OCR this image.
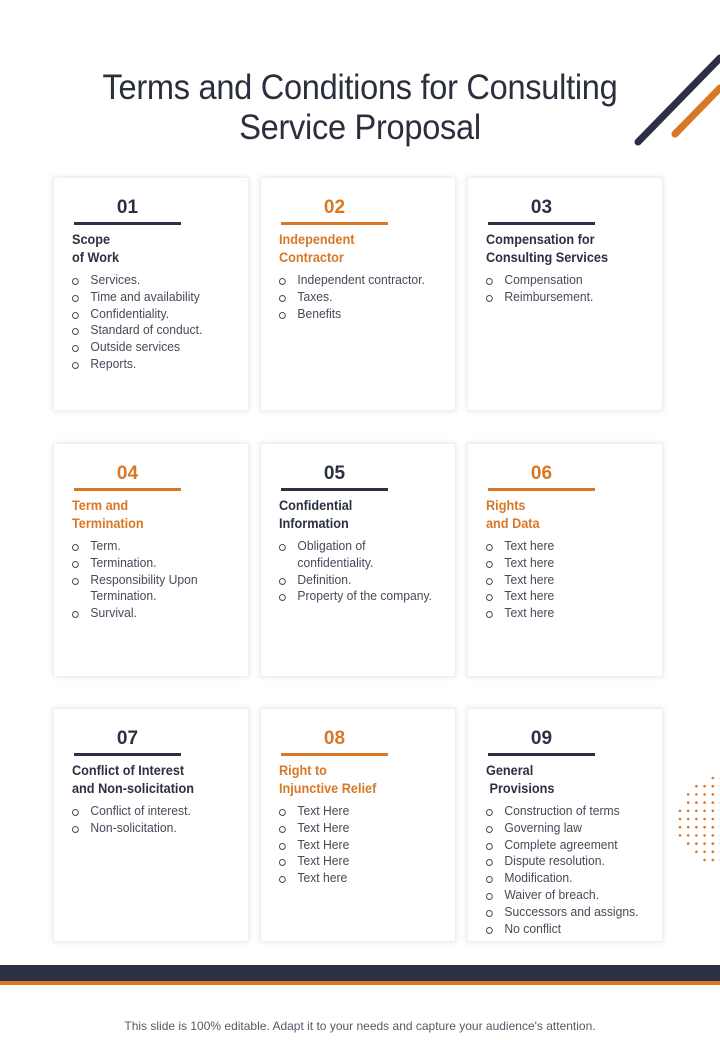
Terms and Conditions for Consulting Service Proposal
01
Scope
of Work
Services.
Time and availability
Confidentiality.
Standard of conduct.
Outside services
Reports.
02
Independent
Contractor
Independent contractor.
Taxes.
Benefits
03
Compensation for
Consulting Services
Compensation
Reimbursement.
04
Term and
Termination
Term.
Termination.
Responsibility Upon
Termination.
Survival.
05
Confidential
Information
Obligation of
confidentiality.
Definition.
Property of the company.
06
Rights
and Data
Text here
Text here
Text here
Text here
Text here
07
Conflict of Interest
and Non-solicitation
Conflict of interest.
Non-solicitation.
08
Right to
Injunctive Relief
Text Here
Text Here
Text Here
Text Here
Text here
09
General
Provisions
Construction of terms
Governing law
Complete agreement
Dispute resolution.
Modification.
Waiver of breach.
Successors and assigns.
No conflict
This slide is 100% editable. Adapt it to your needs and capture your audience's attention.
